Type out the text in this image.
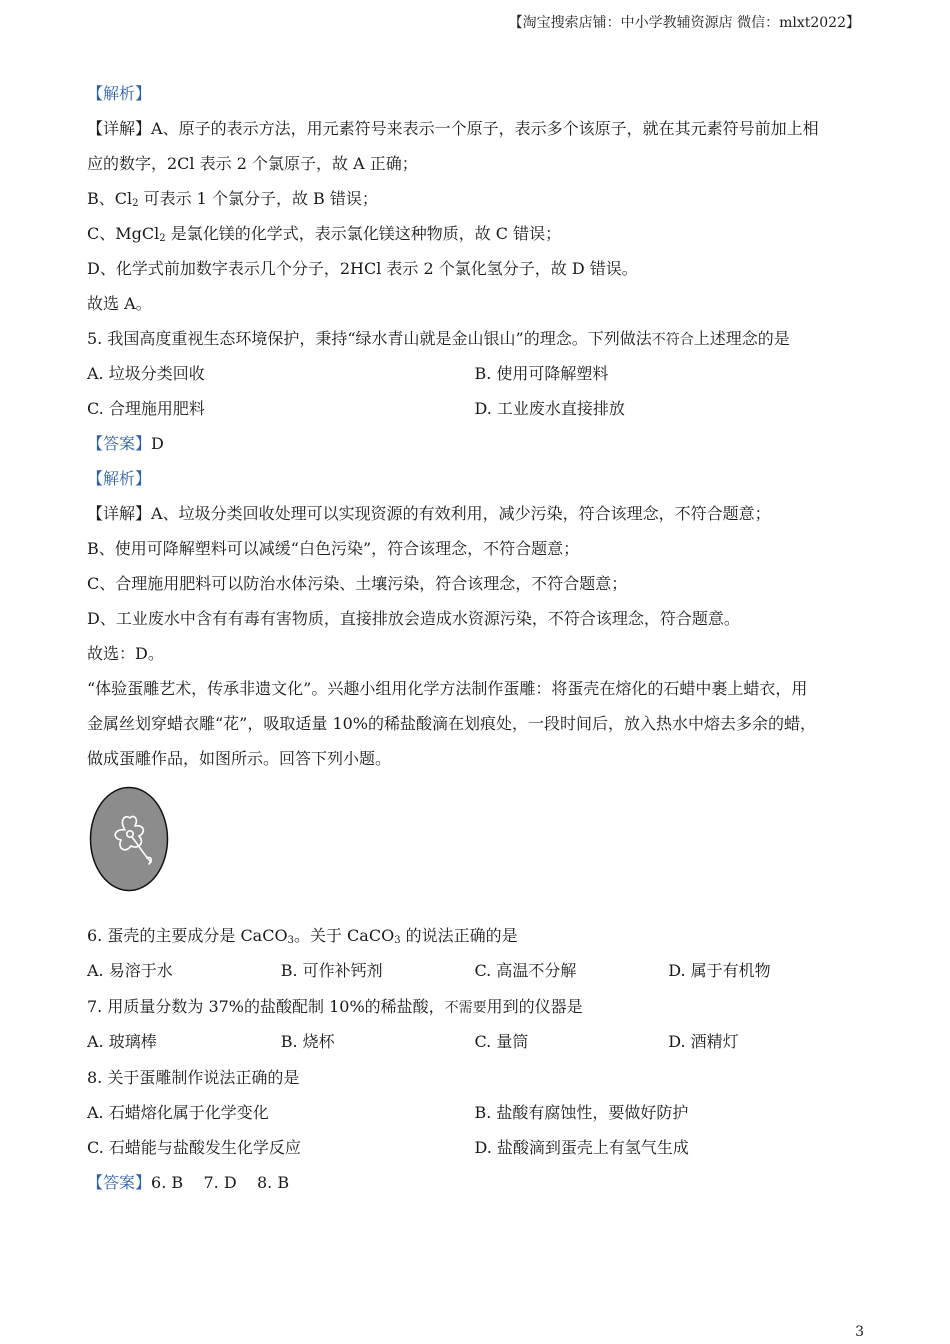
【淘宝搜索店铺：中小学教辅资源店 微信：mlxt2022】
【解析】
【详解】A、原子的表示方法，用元素符号来表示一个原子，表示多个该原子，就在其元素符号前加上相
应的数字，2Cl 表示 2 个氯原子，故 A 正确；
B、$Cl_2$ 可表示 1 个氯分子，故 B 错误；
C、MgCl$_2$ 是氯化镁的化学式，表示氯化镁这种物质，故 C 错误；
D、化学式前加数字表示几个分子，2HCl 表示 2 个氯化氢分子，故 D 错误。
故选 A。
5. 我国高度重视生态环境保护，秉持“绿水青山就是金山银山”的理念。下列做法不符合上述理念的是
A. 垃圾分类回收	B. 使用可降解塑料
C. 合理施用肥料	D. 工业废水直接排放
【答案】D
【解析】
【详解】A、垃圾分类回收处理可以实现资源的有效利用，减少污染，符合该理念，不符合题意；
B、使用可降解塑料可以减缓“白色污染”，符合该理念，不符合题意；
C、合理施用肥料可以防治水体污染、土壤污染，符合该理念，不符合题意；
D、工业废水中含有有毒有害物质，直接排放会造成水资源污染，不符合该理念，符合题意。
故选：D。
“体验蛋雕艺术，传承非遗文化”。兴趣小组用化学方法制作蛋雕：将蛋壳在熔化的石蜡中裹上蜡衣，用
金属丝划穿蜡衣雕“花”，吸取适量 10%的稀盐酸滴在划痕处，一段时间后，放入热水中熔去多余的蜡，
做成蛋雕作品，如图所示。回答下列小题。
6. 蛋壳的主要成分是 CaCO$_3$。关于 CaCO$_3$ 的说法正确的是
A. 易溶于水	B. 可作补钙剂	C. 高温不分解	D. 属于有机物
7. 用质量分数为 37%的盐酸配制 10%的稀盐酸，不需要用到的仪器是
A. 玻璃棒	B. 烧杯	C. 量筒	D. 酒精灯
8. 关于蛋雕制作说法正确的是
A. 石蜡熔化属于化学变化	B. 盐酸有腐蚀性，要做好防护
C. 石蜡能与盐酸发生化学反应	D. 盐酸滴到蛋壳上有氢气生成
【答案】6. B    7. D    8. B
3
